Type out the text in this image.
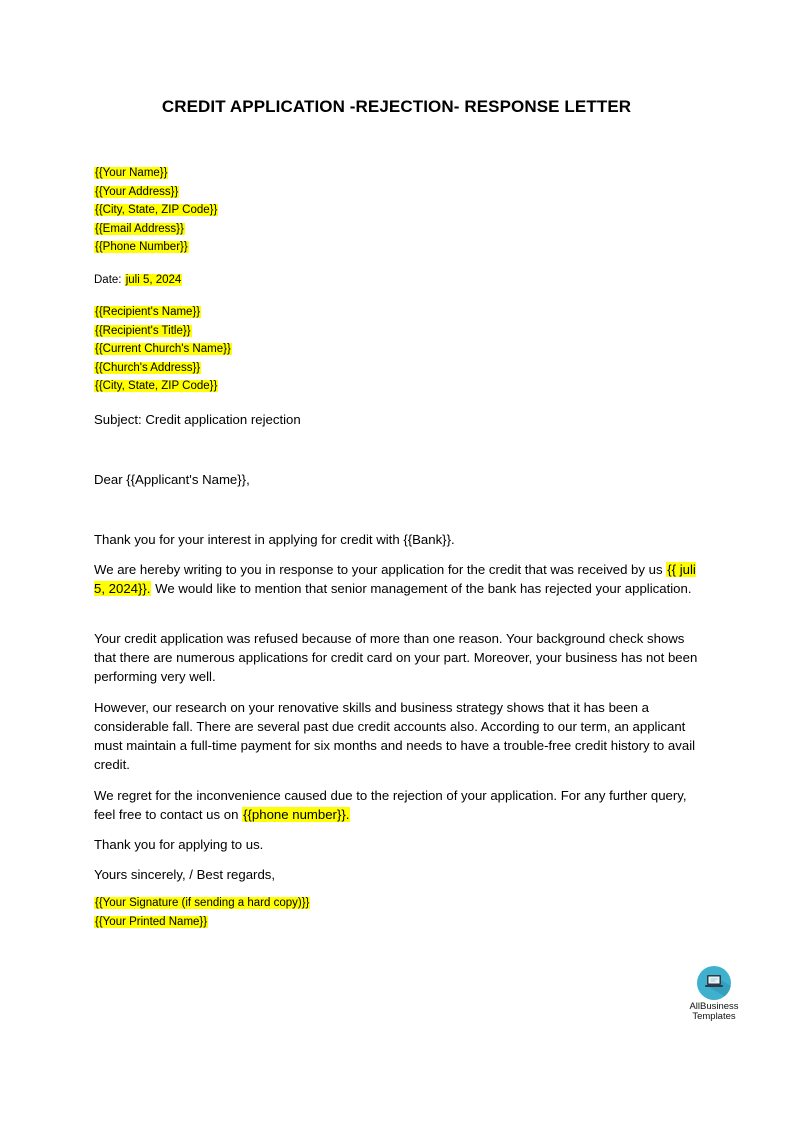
CREDIT APPLICATION -REJECTION- RESPONSE LETTER
{{Your Name}}
{{Your Address}}
{{City, State, ZIP Code}}
{{Email Address}}
{{Phone Number}}
Date: juli 5, 2024
{{Recipient's Name}}
{{Recipient's Title}}
{{Current Church's Name}}
{{Church's Address}}
{{City, State, ZIP Code}}

Subject: Credit application rejection

Dear {{Applicant's Name}},

Thank you for your interest in applying for credit with {{Bank}}.

We are hereby writing to you in response to your application for the credit that was received by us {{ juli 5, 2024}}. We would like to mention that senior management of the bank has rejected your application.

Your credit application was refused because of more than one reason. Your background check shows that there are numerous applications for credit card on your part. Moreover, your business has not been performing very well.

However, our research on your renovative skills and business strategy shows that it has been a considerable fall. There are several past due credit accounts also. According to our term, an applicant must maintain a full-time payment for six months and needs to have a trouble-free credit history to avail credit.

We regret for the inconvenience caused due to the rejection of your application. For any further query, feel free to contact us on {{phone number}}.

Thank you for applying to us.

Yours sincerely, / Best regards,

{{Your Signature (if sending a hard copy)}}
{{Your Printed Name}}
AllBusiness
Templates
